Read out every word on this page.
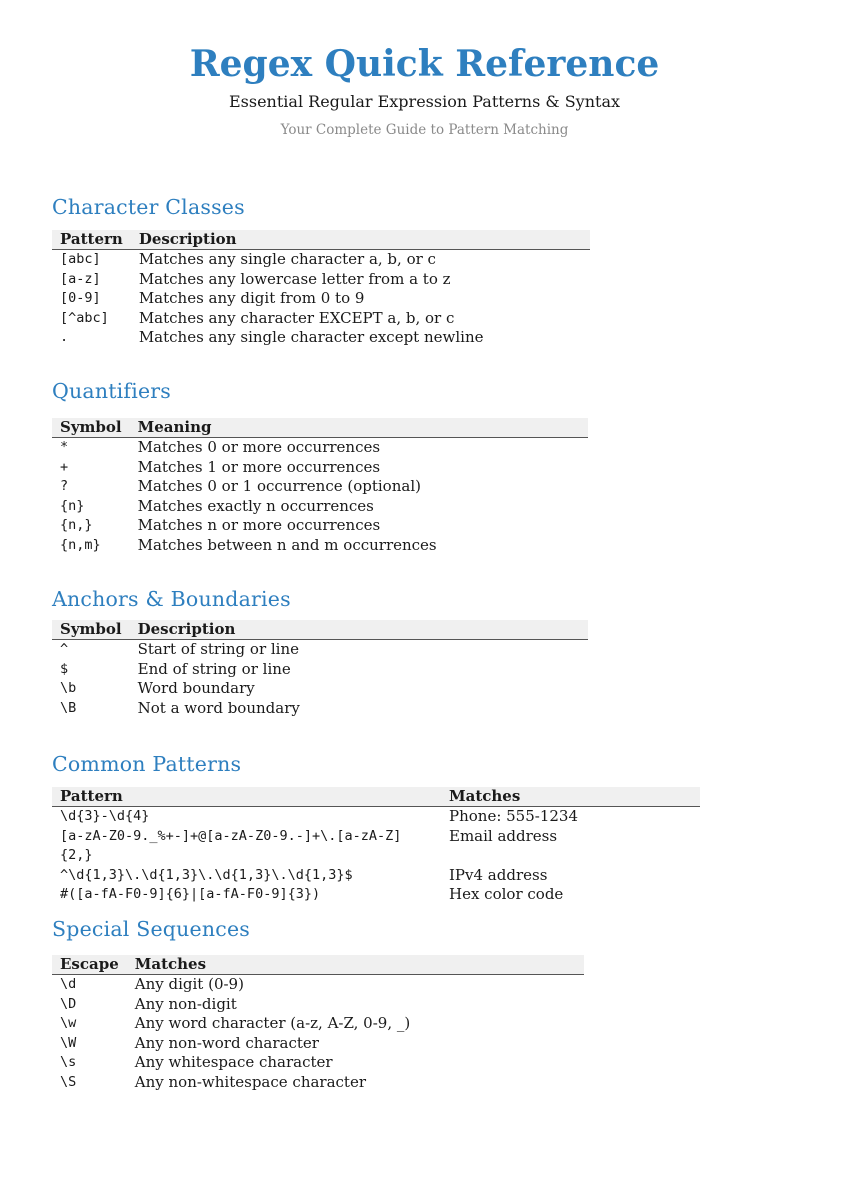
Regex Quick Reference

Essential Regular Expression Patterns & Syntax

Your Complete Guide to Pattern Matching

Character Classes
Pattern	Description
[abc]	Matches any single character a, b, or c
[a-z]	Matches any lowercase letter from a to z
[0-9]	Matches any digit from 0 to 9
[^abc]	Matches any character EXCEPT a, b, or c
.	Matches any single character except newline
Quantifiers
Symbol	Meaning
*	Matches 0 or more occurrences
+	Matches 1 or more occurrences
?	Matches 0 or 1 occurrence (optional)
{n}	Matches exactly n occurrences
{n,}	Matches n or more occurrences
{n,m}	Matches between n and m occurrences
Anchors & Boundaries
Symbol	Description
^	Start of string or line
$	End of string or line
\b	Word boundary
\B	Not a word boundary
Common Patterns
Pattern	Matches
\d{3}-\d{4}	Phone: 555-1234
[a-zA-Z0-9._%+-]+@[a-zA-Z0-9.-]+\.[a-zA-Z]{2,}	Email address
^\d{1,3}\.\d{1,3}\.\d{1,3}\.\d{1,3}$	IPv4 address
#([a-fA-F0-9]{6}|[a-fA-F0-9]{3})	Hex color code
Special Sequences
Escape	Matches
\d	Any digit (0-9)
\D	Any non-digit
\w	Any word character (a-z, A-Z, 0-9, _)
\W	Any non-word character
\s	Any whitespace character
\S	Any non-whitespace character
